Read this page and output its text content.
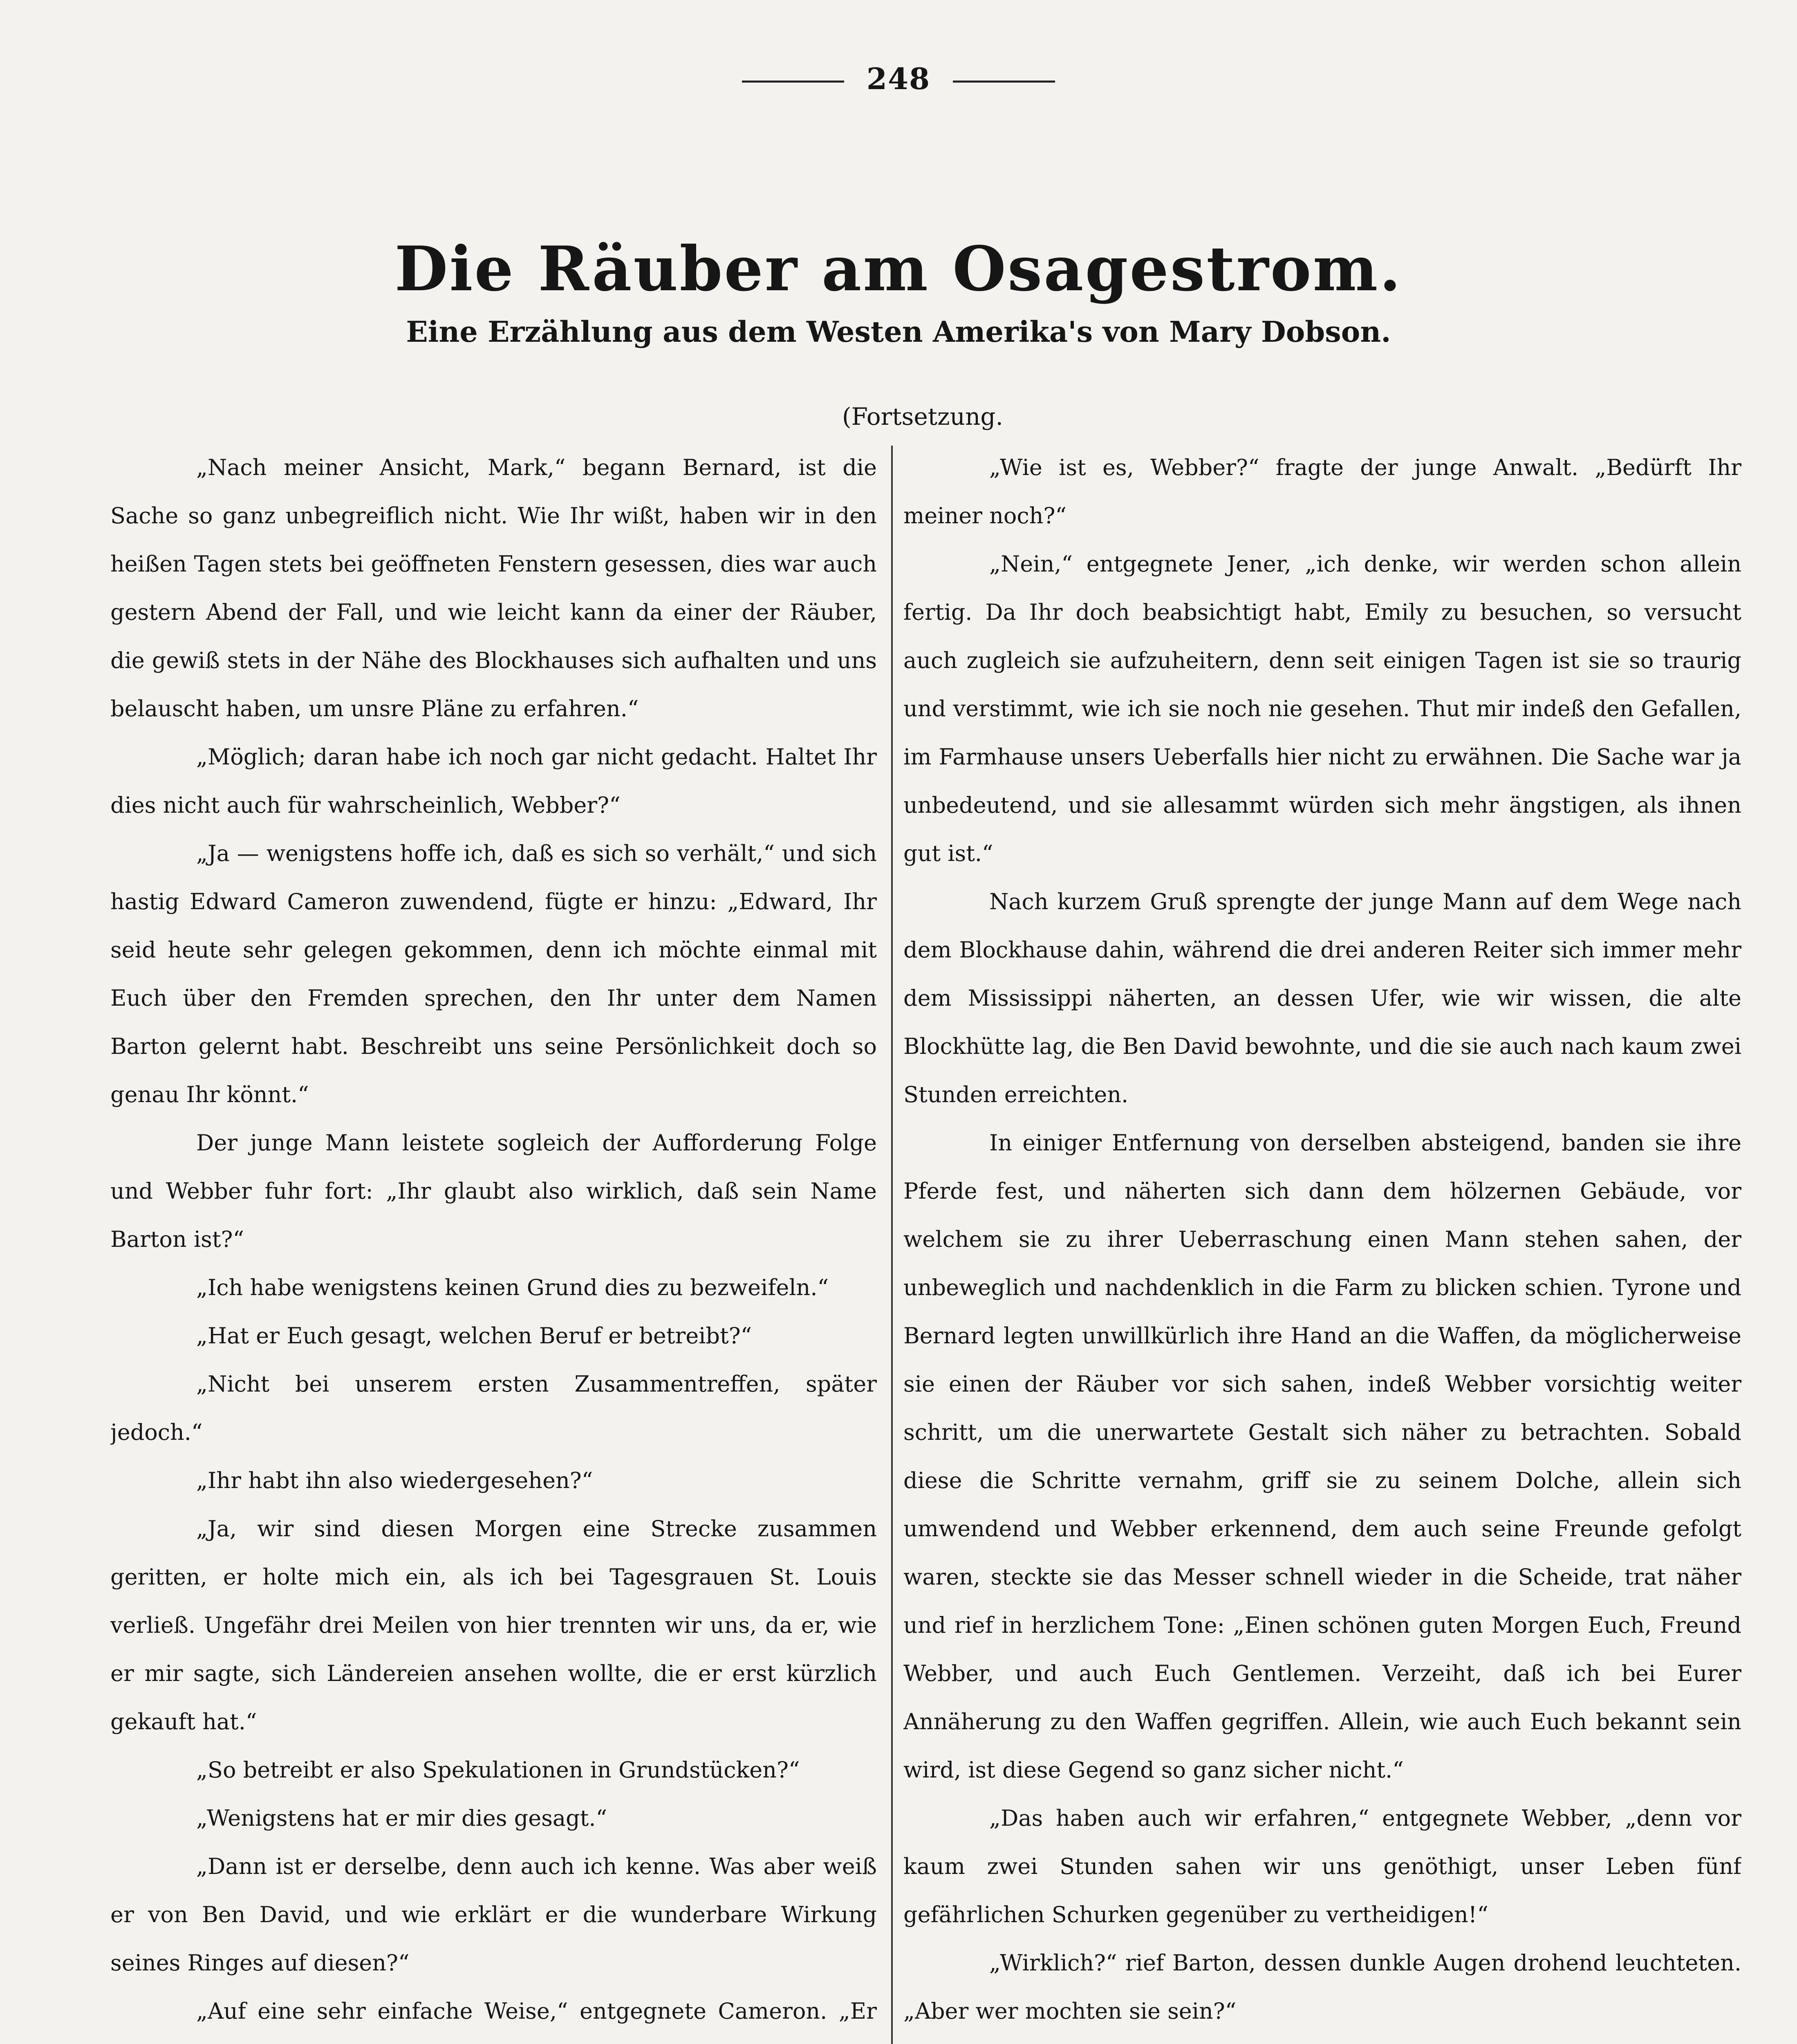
248
Die Räuber am Osagestrom.
Eine Erzählung aus dem Westen Amerika's von Mary Dobson.
(Fortsetzung.

„Nach meiner Ansicht, Mark,“ begann Bernard, ist die Sache so ganz unbegreiflich nicht. Wie Ihr wißt, haben wir in den heißen Tagen stets bei geöffneten Fenstern gesessen, dies war auch gestern Abend der Fall, und wie leicht kann da einer der Räuber, die gewiß stets in der Nähe des Blockhauses sich aufhalten und uns belauscht haben, um unsre Pläne zu erfahren.“

„Möglich; daran habe ich noch gar nicht gedacht. Haltet Ihr dies nicht auch für wahrscheinlich, Webber?“

„Ja — wenigstens hoffe ich, daß es sich so verhält,“ und sich hastig Edward Cameron zuwendend, fügte er hinzu: „Edward, Ihr seid heute sehr gelegen gekommen, denn ich möchte einmal mit Euch über den Fremden sprechen, den Ihr unter dem Namen Barton gelernt habt. Beschreibt uns seine Persönlichkeit doch so genau Ihr könnt.“

Der junge Mann leistete sogleich der Aufforderung Folge und Webber fuhr fort: „Ihr glaubt also wirklich, daß sein Name Barton ist?“

„Ich habe wenigstens keinen Grund dies zu bezweifeln.“

„Hat er Euch gesagt, welchen Beruf er betreibt?“

„Nicht bei unserem ersten Zusammentreffen, später jedoch.“

„Ihr habt ihn also wiedergesehen?“

„Ja, wir sind diesen Morgen eine Strecke zusammen geritten, er holte mich ein, als ich bei Tagesgrauen St. Louis verließ. Ungefähr drei Meilen von hier trennten wir uns, da er, wie er mir sagte, sich Ländereien ansehen wollte, die er erst kürzlich gekauft hat.“

„So betreibt er also Spekulationen in Grundstücken?“

„Wenigstens hat er mir dies gesagt.“

„Dann ist er derselbe, denn auch ich kenne. Was aber weiß er von Ben David, und wie erklärt er die wunderbare Wirkung seines Ringes auf diesen?“

„Auf eine sehr einfache Weise,“ entgegnete Cameron. „Er

„Wie ist es, Webber?“ fragte der junge Anwalt. „Bedürft Ihr meiner noch?“

„Nein,“ entgegnete Jener, „ich denke, wir werden schon allein fertig. Da Ihr doch beabsichtigt habt, Emily zu besuchen, so versucht auch zugleich sie aufzuheitern, denn seit einigen Tagen ist sie so traurig und verstimmt, wie ich sie noch nie gesehen. Thut mir indeß den Gefallen, im Farmhause unsers Ueberfalls hier nicht zu erwähnen. Die Sache war ja unbedeutend, und sie allesammt würden sich mehr ängstigen, als ihnen gut ist.“

Nach kurzem Gruß sprengte der junge Mann auf dem Wege nach dem Blockhause dahin, während die drei anderen Reiter sich immer mehr dem Mississippi näherten, an dessen Ufer, wie wir wissen, die alte Blockhütte lag, die Ben David bewohnte, und die sie auch nach kaum zwei Stunden erreichten.

In einiger Entfernung von derselben absteigend, banden sie ihre Pferde fest, und näherten sich dann dem hölzernen Gebäude, vor welchem sie zu ihrer Ueberraschung einen Mann stehen sahen, der unbeweglich und nachdenklich in die Farm zu blicken schien. Tyrone und Bernard legten unwillkürlich ihre Hand an die Waffen, da möglicherweise sie einen der Räuber vor sich sahen, indeß Webber vorsichtig weiter schritt, um die unerwartete Gestalt sich näher zu betrachten. Sobald diese die Schritte vernahm, griff sie zu seinem Dolche, allein sich umwendend und Webber erkennend, dem auch seine Freunde gefolgt waren, steckte sie das Messer schnell wieder in die Scheide, trat näher und rief in herzlichem Tone: „Einen schönen guten Morgen Euch, Freund Webber, und auch Euch Gentlemen. Verzeiht, daß ich bei Eurer Annäherung zu den Waffen gegriffen. Allein, wie auch Euch bekannt sein wird, ist diese Gegend so ganz sicher nicht.“

„Das haben auch wir erfahren,“ entgegnete Webber, „denn vor kaum zwei Stunden sahen wir uns genöthigt, unser Leben fünf gefährlichen Schurken gegenüber zu vertheidigen!“

„Wirklich?“ rief Barton, dessen dunkle Augen drohend leuchteten. „Aber wer mochten sie sein?“
